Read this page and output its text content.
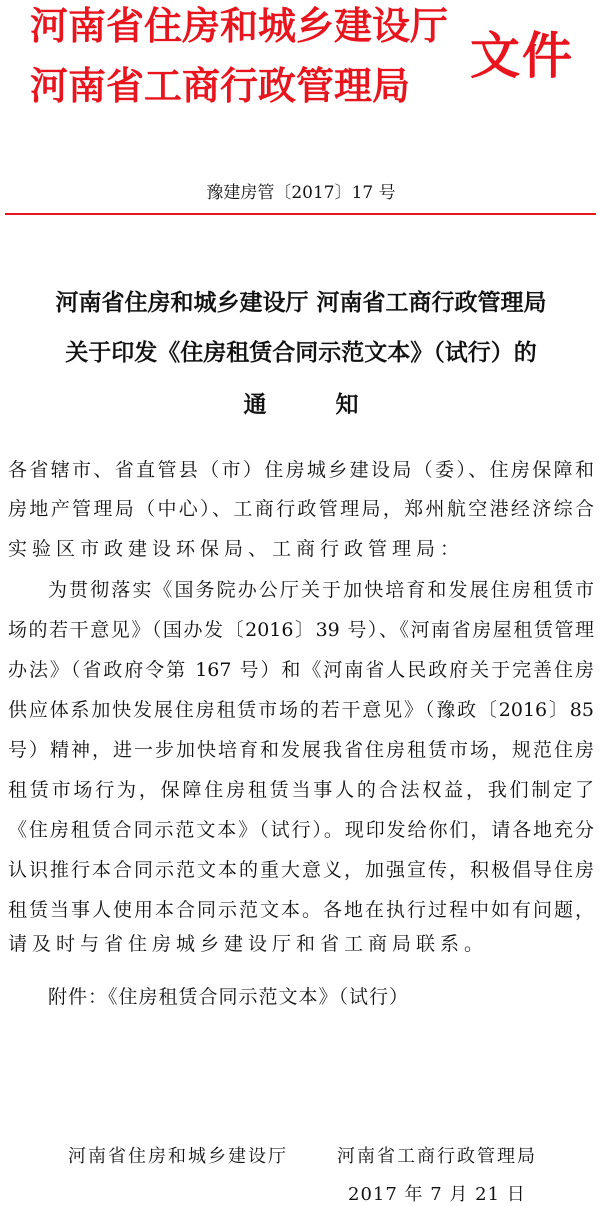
河南省住房和城乡建设厅
河南省工商行政管理局
文件
豫建房管〔2017〕17 号
河南省住房和城乡建设厅 河南省工商行政管理局
关于印发《住房租赁合同示范文本》（试行）的
通　　　知
各省辖市、省直管县（市）住房城乡建设局（委）、住房保障和
房地产管理局（中心）、工商行政管理局，郑州航空港经济综合
实验区市政建设环保局、工商行政管理局：
为贯彻落实《国务院办公厅关于加快培育和发展住房租赁市
场的若干意见》（国办发〔2016〕39 号）、《河南省房屋租赁管理
办法》（省政府令第 167 号）和《河南省人民政府关于完善住房
供应体系加快发展住房租赁市场的若干意见》（豫政〔2016〕85
号）精神，进一步加快培育和发展我省住房租赁市场，规范住房
租赁市场行为，保障住房租赁当事人的合法权益，我们制定了
《住房租赁合同示范文本》（试行）。现印发给你们，请各地充分
认识推行本合同示范文本的重大意义，加强宣传，积极倡导住房
租赁当事人使用本合同示范文本。各地在执行过程中如有问题，
请及时与省住房城乡建设厅和省工商局联系。
附件：《住房租赁合同示范文本》（试行）
河南省住房和城乡建设厅	河南省工商行政管理局
2017 年 7 月 21 日
